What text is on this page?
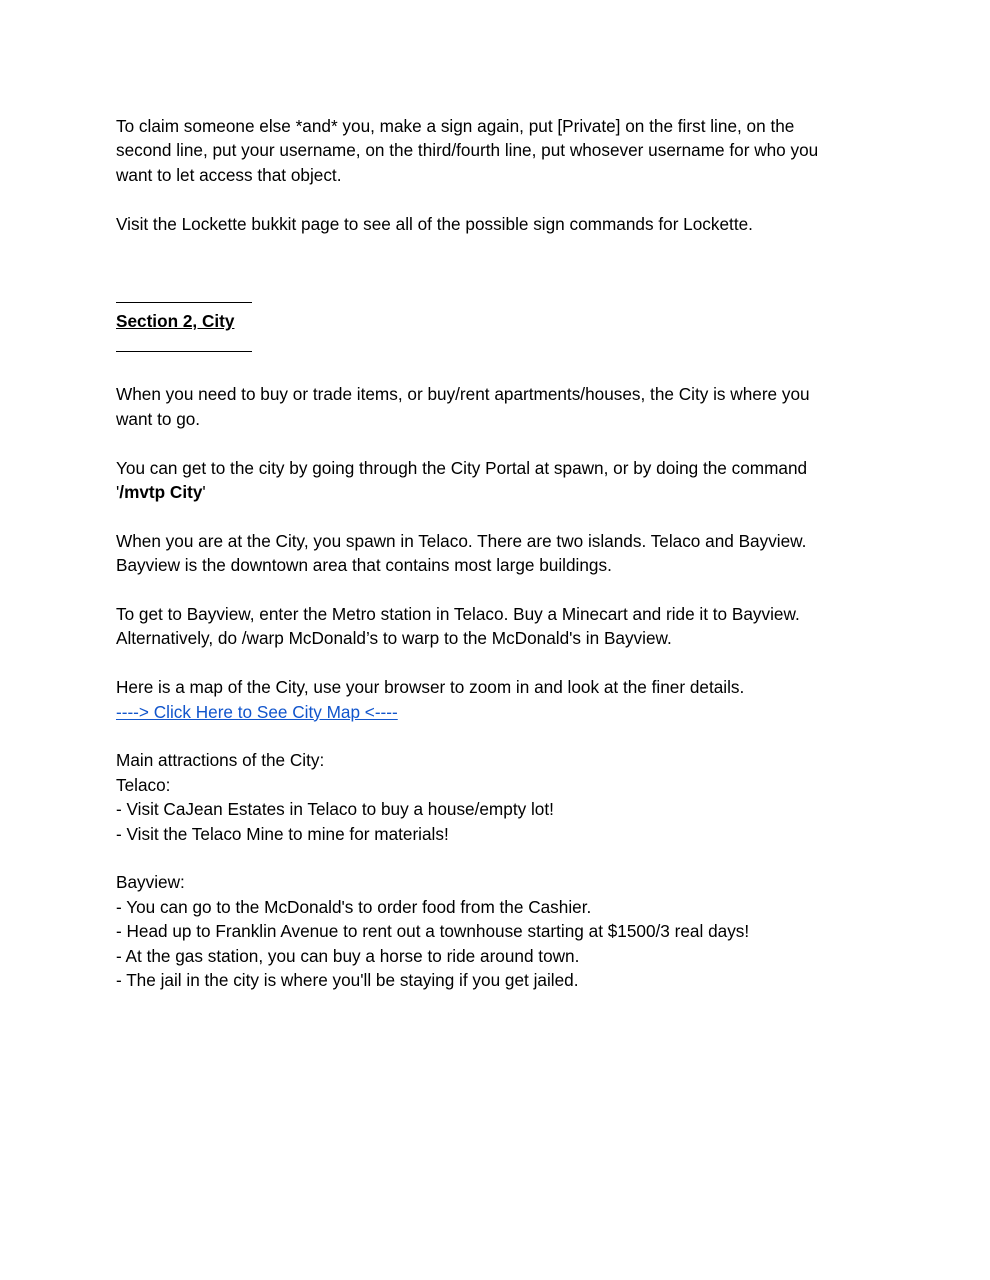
To claim someone else *and* you, make a sign again, put [Private] on the first line, on the
second line, put your username, on the third/fourth line, put whosever username for who you
want to let access that object.

Visit the Lockette bukkit page to see all of the possible sign commands for Lockette.

Section 2, City

When you need to buy or trade items, or buy/rent apartments/houses, the City is where you
want to go.

You can get to the city by going through the City Portal at spawn, or by doing the command
'/mvtp City'

When you are at the City, you spawn in Telaco. There are two islands. Telaco and Bayview.
Bayview is the downtown area that contains most large buildings.

To get to Bayview, enter the Metro station in Telaco. Buy a Minecart and ride it to Bayview.
Alternatively, do /warp McDonald’s to warp to the McDonald's in Bayview.

Here is a map of the City, use your browser to zoom in and look at the finer details.
----> Click Here to See City Map <----

Main attractions of the City:
Telaco:
- Visit CaJean Estates in Telaco to buy a house/empty lot!
- Visit the Telaco Mine to mine for materials!

Bayview:
- You can go to the McDonald's to order food from the Cashier.
- Head up to Franklin Avenue to rent out a townhouse starting at $1500/3 real days!
- At the gas station, you can buy a horse to ride around town.
- The jail in the city is where you'll be staying if you get jailed.
